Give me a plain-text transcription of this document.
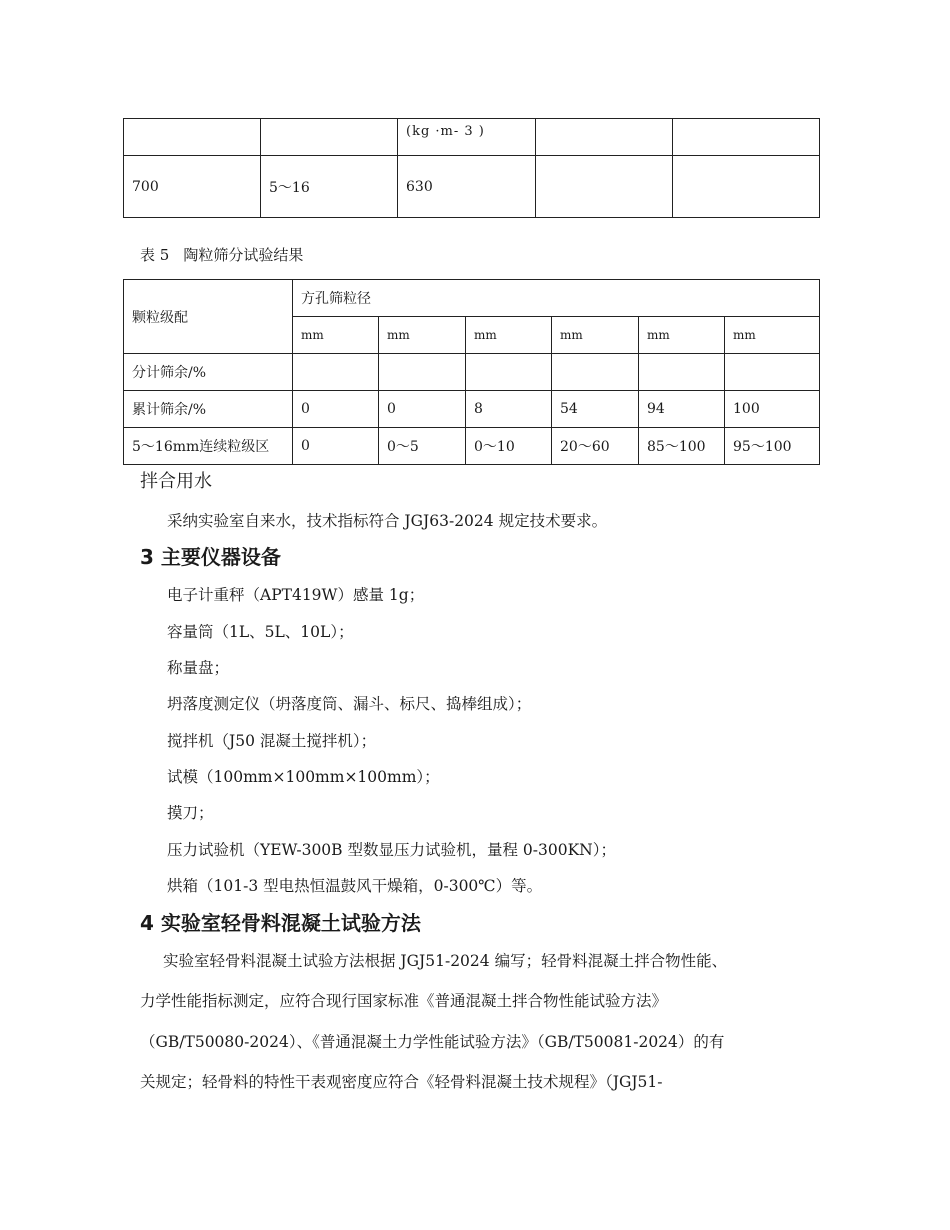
		(kg ·m- 3 )		
700	5～16	630		
表 5 陶粒筛分试验结果
颗粒级配	方孔筛粒径					
	mm	mm	mm	mm	mm	mm
分计筛余/%						
累计筛余/%	0	0	8	54	94	100
5～16mm连续粒级区	0	0～5	0～10	20～60	85～100	95～100
拌合用水
采纳实验室自来水，技术指标符合 JGJ63-2024 规定技术要求。
3 主要仪器设备
电子计重秤（APT419W）感量 1g；
容量筒（1L、5L、10L）；
称量盘；
坍落度测定仪（坍落度筒、漏斗、标尺、捣棒组成）；
搅拌机（J50 混凝土搅拌机）；
试模（100mm×100mm×100mm）；
摸刀；
压力试验机（YEW-300B 型数显压力试验机，量程 0-300KN）；
烘箱（101-3 型电热恒温鼓风干燥箱，0-300℃）等。
4 实验室轻骨料混凝土试验方法
实验室轻骨料混凝土试验方法根据 JGJ51-2024 编写；轻骨料混凝土拌合物性能、
力学性能指标测定，应符合现行国家标准《普通混凝土拌合物性能试验方法》
（GB/T50080-2024）、《普通混凝土力学性能试验方法》（GB/T50081-2024）的有
关规定；轻骨料的特性干表观密度应符合《轻骨料混凝土技术规程》（JGJ51-
